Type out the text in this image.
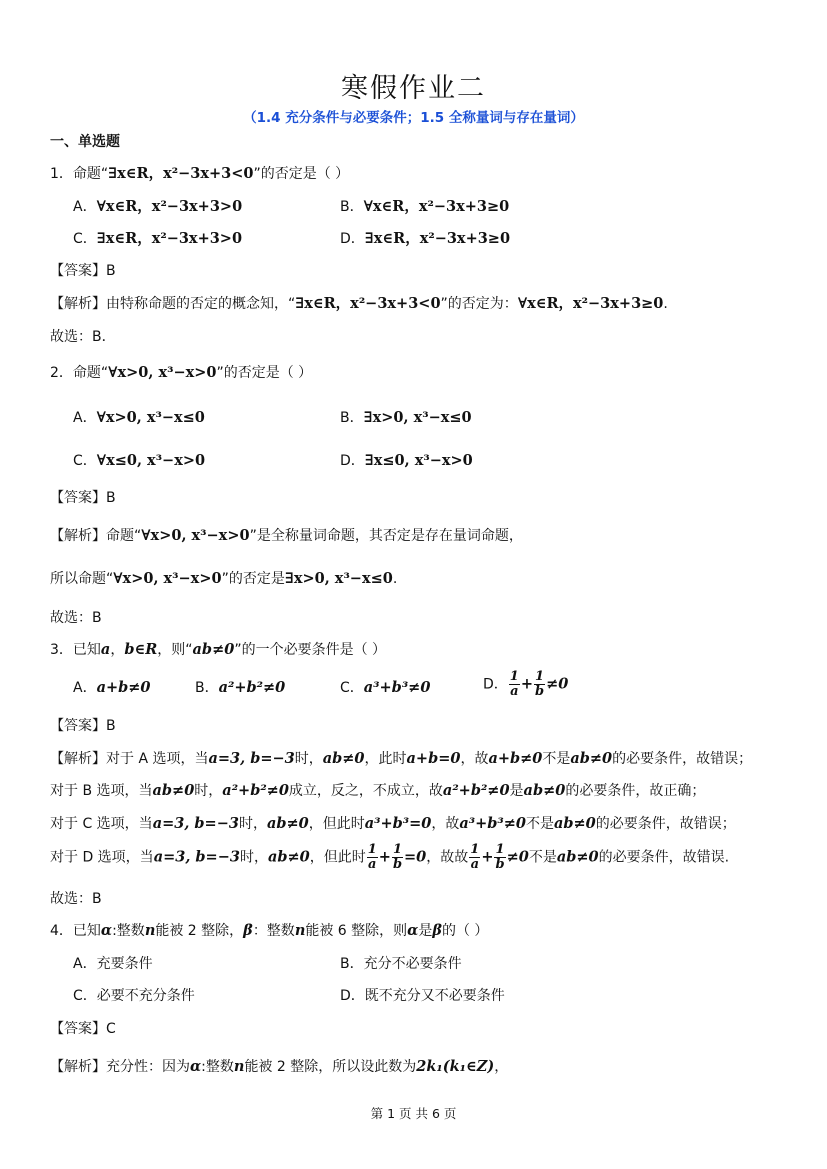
寒假作业二
（1.4 充分条件与必要条件；1.5 全称量词与存在量词）
一、单选题
1．命题“∃x∈R，x²−3x+3<0”的否定是（ ）
A．∀x∈R，x²−3x+3>0	B．∀x∈R，x²−3x+3≥0
C．∃x∈R，x²−3x+3>0	D．∃x∈R，x²−3x+3≥0
【答案】B
【解析】由特称命题的否定的概念知，“∃x∈R，x²−3x+3<0”的否定为：∀x∈R，x²−3x+3≥0.
故选：B．
2．命题“∀x>0, x³−x>0”的否定是（ ）
A．∀x>0, x³−x≤0	B．∃x>0, x³−x≤0
C．∀x≤0, x³−x>0	D．∃x≤0, x³−x>0
【答案】B
【解析】命题“∀x>0, x³−x>0”是全称量词命题，其否定是存在量词命题，
所以命题“∀x>0, x³−x>0”的否定是∃x>0, x³−x≤0.
故选：B
3．已知a，b∈R，则“ab≠0”的一个必要条件是（ ）
A．a+b≠0	B．a²+b²≠0	C．a³+b³≠0	D． $\frac{1}{a} + \frac{1}{b} \ne 0$
【答案】B
【解析】对于 A 选项，当a=3, b=−3时，ab≠0，此时a+b=0，故a+b≠0不是ab≠0的必要条件，故错误；
对于 B 选项，当ab≠0时，a²+b²≠0成立，反之，不成立，故a²+b²≠0是ab≠0的必要条件，故正确；
对于 C 选项，当a=3, b=−3时，ab≠0，但此时a³+b³=0，故a³+b³≠0不是ab≠0的必要条件，故错误；
对于 D 选项，当a=3, b=−3时，ab≠0，但此时 $\frac{1}{a} + \frac{1}{b} =0$，故故 $\frac{1}{a} + \frac{1}{b} \ne 0$不是ab≠0的必要条件，故错误.
故选：B
4．已知α:整数n能被 2 整除，β：整数n能被 6 整除，则α是β的（ ）
A．充要条件	B．充分不必要条件
C．必要不充分条件	D．既不充分又不必要条件
【答案】C
【解析】充分性：因为α:整数n能被 2 整除，所以设此数为2k₁(k₁∈Z)，
第 1 页 共 6 页
